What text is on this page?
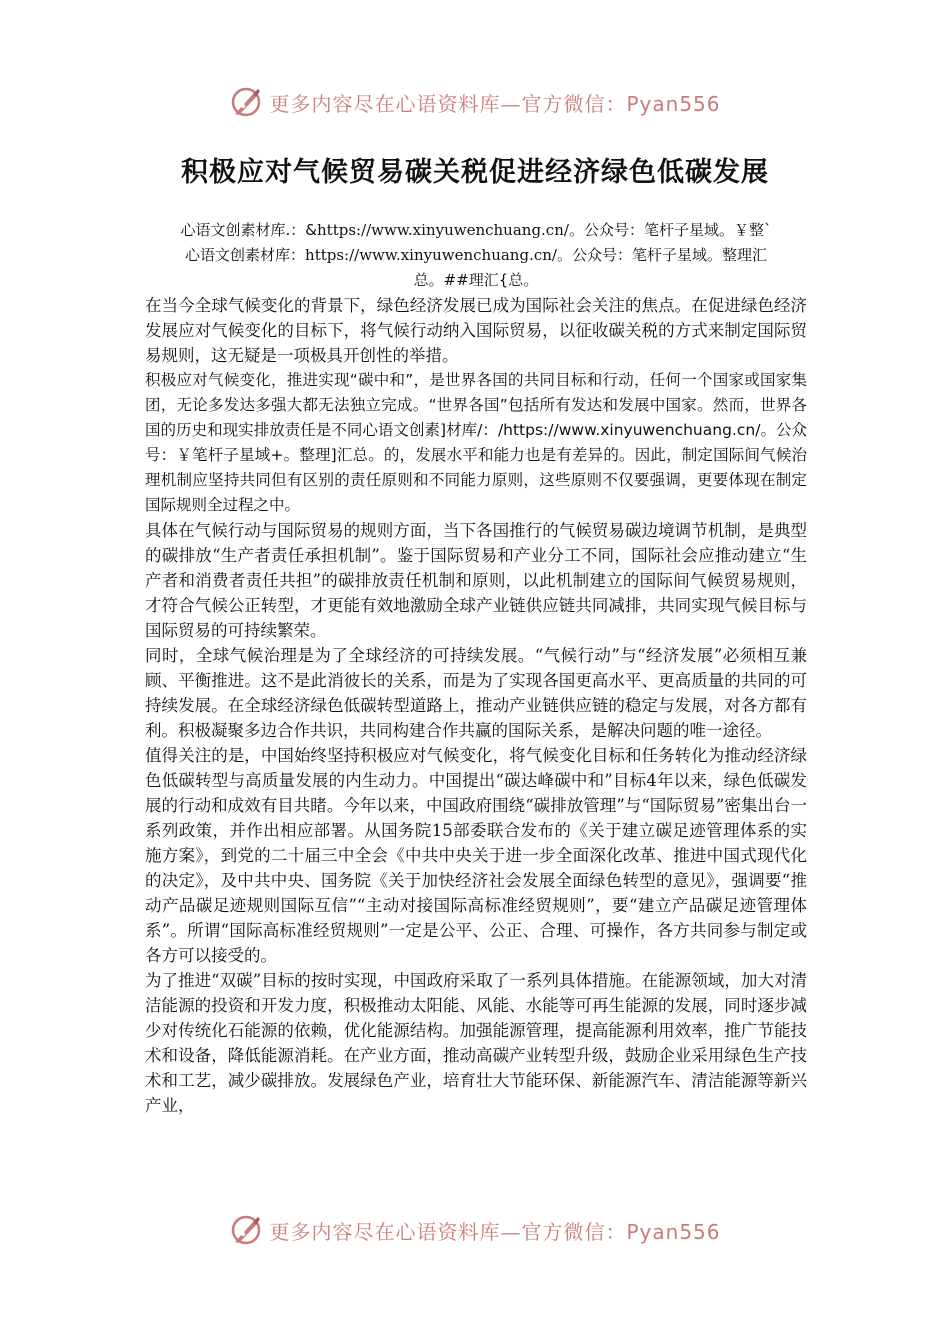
更多内容尽在心语资料库—官方微信：Pyan556
积极应对气候贸易碳关税促进经济绿色低碳发展

心语文创素材库.：&https://www.xinyuwenchuang.cn/。公众号：笔杆子星域。￥整`

心语文创素材库：https://www.xinyuwenchuang.cn/。公众号：笔杆子星域。整理汇

总。##理汇{总。

在当今全球气候变化的背景下，绿色经济发展已成为国际社会关注的焦点。在促进绿色经济发展应对气候变化的目标下，将气候行动纳入国际贸易，以征收碳关税的方式来制定国际贸易规则，这无疑是一项极具开创性的举措。

积极应对气候变化，推进实现“碳中和”，是世界各国的共同目标和行动，任何一个国家或国家集团，无论多发达多强大都无法独立完成。“世界各国”包括所有发达和发展中国家。然而，世界各国的历史和现实排放责任是不同心语文创素]材库/：/https://www.xinyuwenchuang.cn/。公众号：￥笔杆子星域+。整理]汇总。的，发展水平和能力也是有差异的。因此，制定国际间气候治理机制应坚持共同但有区别的责任原则和不同能力原则，这些原则不仅要强调，更要体现在制定国际规则全过程之中。

具体在气候行动与国际贸易的规则方面，当下各国推行的气候贸易碳边境调节机制，是典型的碳排放“生产者责任承担机制”。鉴于国际贸易和产业分工不同，国际社会应推动建立“生产者和消费者责任共担”的碳排放责任机制和原则，以此机制建立的国际间气候贸易规则，才符合气候公正转型，才更能有效地激励全球产业链供应链共同减排，共同实现气候目标与国际贸易的可持续繁荣。

同时，全球气候治理是为了全球经济的可持续发展。“气候行动”与“经济发展”必须相互兼顾、平衡推进。这不是此消彼长的关系，而是为了实现各国更高水平、更高质量的共同的可持续发展。在全球经济绿色低碳转型道路上，推动产业链供应链的稳定与发展，对各方都有利。积极凝聚多边合作共识，共同构建合作共赢的国际关系，是解决问题的唯一途径。

值得关注的是，中国始终坚持积极应对气候变化，将气候变化目标和任务转化为推动经济绿色低碳转型与高质量发展的内生动力。中国提出“碳达峰碳中和”目标4年以来，绿色低碳发展的行动和成效有目共睹。今年以来，中国政府围绕“碳排放管理”与“国际贸易”密集出台一系列政策，并作出相应部署。从国务院15部委联合发布的《关于建立碳足迹管理体系的实施方案》，到党的二十届三中全会《中共中央关于进一步全面深化改革、推进中国式现代化的决定》，及中共中央、国务院《关于加快经济社会发展全面绿色转型的意见》，强调要“推动产品碳足迹规则国际互信”“主动对接国际高标准经贸规则”，要“建立产品碳足迹管理体系”。所谓“国际高标准经贸规则”一定是公平、公正、合理、可操作，各方共同参与制定或各方可以接受的。

为了推进“双碳”目标的按时实现，中国政府采取了一系列具体措施。在能源领域，加大对清洁能源的投资和开发力度，积极推动太阳能、风能、水能等可再生能源的发展，同时逐步减少对传统化石能源的依赖，优化能源结构。加强能源管理，提高能源利用效率，推广节能技术和设备，降低能源消耗。在产业方面，推动高碳产业转型升级，鼓励企业采用绿色生产技术和工艺，减少碳排放。发展绿色产业，培育壮大节能环保、新能源汽车、清洁能源等新兴产业，

更多内容尽在心语资料库—官方微信：Pyan556
